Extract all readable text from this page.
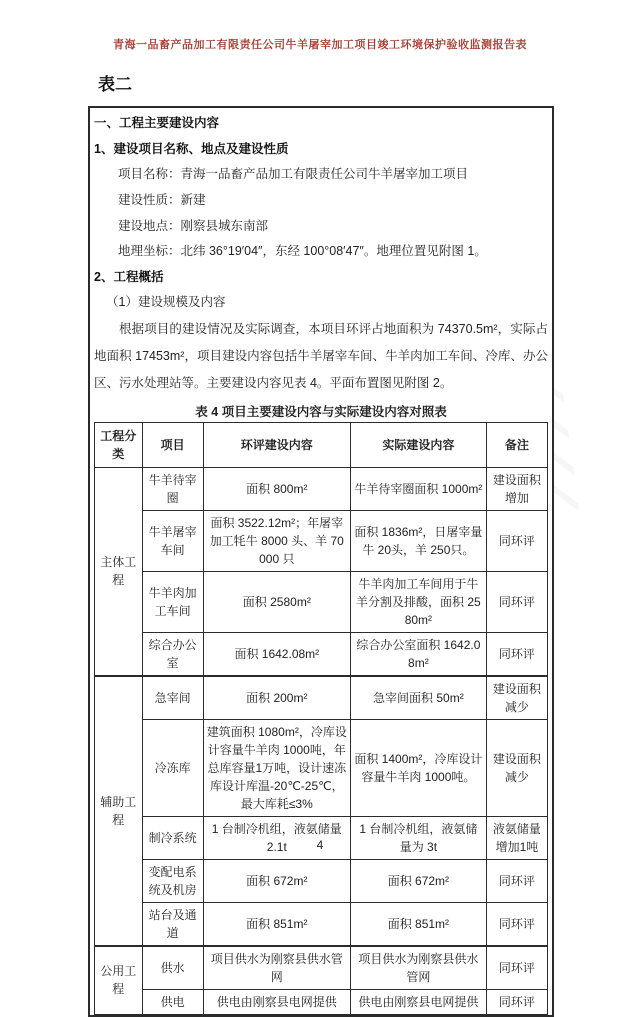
青海一品畜产品加工有限责任公司牛羊屠宰加工项目竣工环境保护验收监测报告表
表二
一、工程主要建设内容
1、建设项目名称、地点及建设性质
项目名称：青海一品畜产品加工有限责任公司牛羊屠宰加工项目
建设性质：新建
建设地点：刚察县城东南部
地理坐标：北纬 36°19′04″，东经 100°08′47″。地理位置见附图 1。
2、工程概括
（1）建设规模及内容

根据项目的建设情况及实际调查，本项目环评占地面积为 74370.5m²，实际占地面积 17453m²，项目建设内容包括牛羊屠宰车间、牛羊肉加工车间、冷库、办公区、污水处理站等。主要建设内容见表 4。平面布置图见附图 2。

表 4 项目主要建设内容与实际建设内容对照表
工程分类	项目	环评建设内容	实际建设内容	备注
主体工程	牛羊待宰圈	面积 800m²	牛羊待宰圈面积 1000m²	建设面积增加
	牛羊屠宰车间	面积 3522.12m²；年屠宰加工牦牛 8000 头、羊 70000 只	面积 1836m²，日屠宰量牛 20头，羊 250只。	同环评
	牛羊肉加工车间	面积 2580m²	牛羊肉加工车间用于牛羊分割及排酸，面积 2580m²	同环评
	综合办公室	面积 1642.08m²	综合办公室面积 1642.08m²	同环评
辅助工程	急宰间	面积 200m²	急宰间面积 50m²	建设面积减少
	冷冻库	建筑面积 1080m²，冷库设计容量牛羊肉 1000吨，年总库容量1万吨，设计速冻库设计库温-20℃-25℃，最大库耗≤3%	面积 1400m²，冷库设计容量牛羊肉 1000吨。	建设面积减少
	制冷系统	1 台制冷机组，液氨储量 2.1t	1 台制冷机组，液氨储量为 3t	液氨储量增加1吨
	变配电系统及机房	面积 672m²	面积 672m²	同环评
	站台及通道	面积 851m²	面积 851m²	同环评
公用工程	供水	项目供水为刚察县供水管网	项目供水为刚察县供水管网	同环评
	供电	供电由刚察县电网提供	供电由刚察县电网提供	同环评
4
